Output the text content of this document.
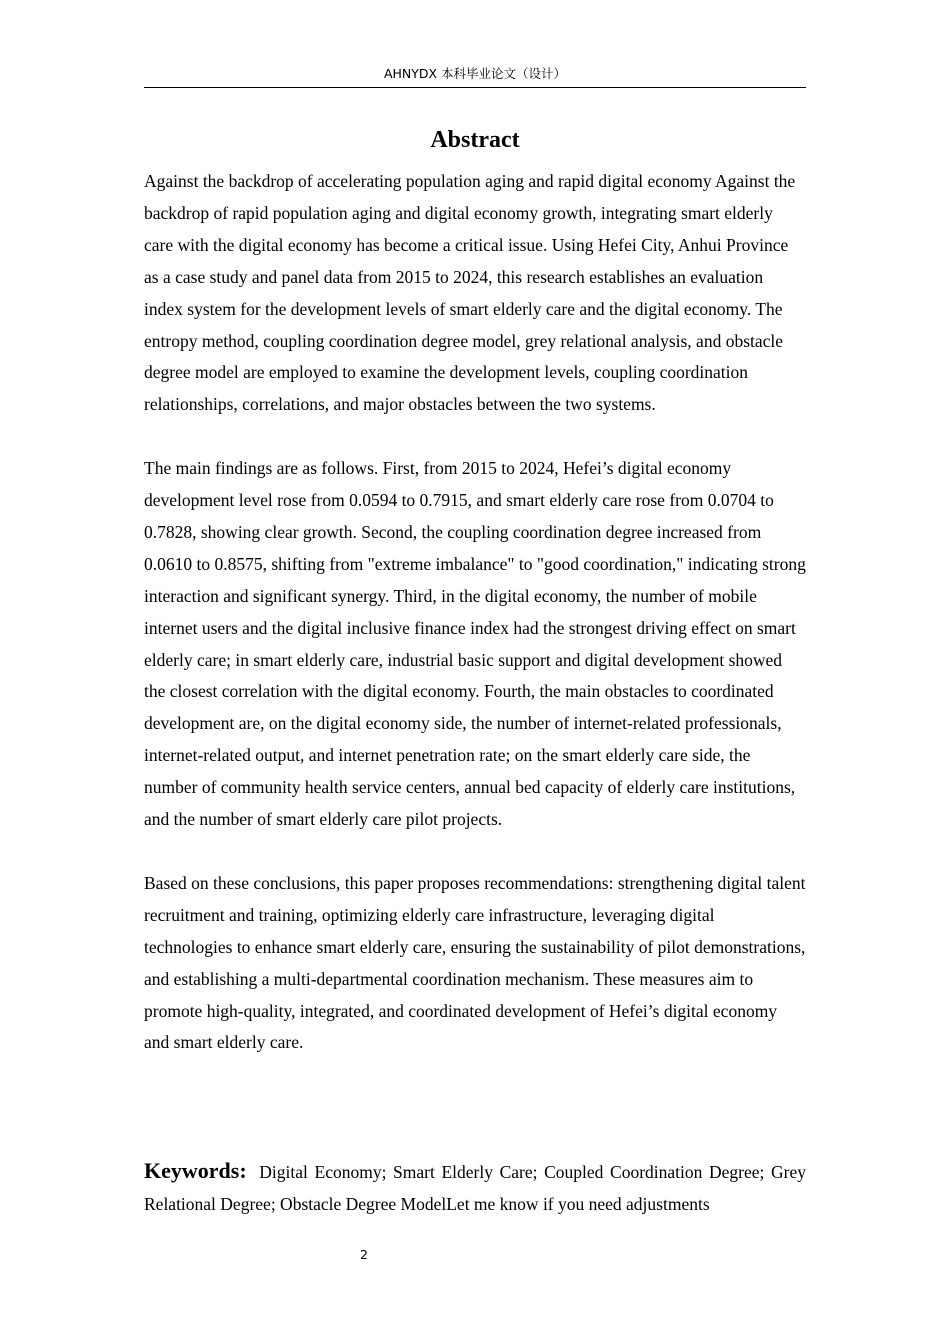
AHNYDX 本科毕业论文（设计）
Abstract

Against the backdrop of accelerating population aging and rapid digital economy Against the backdrop of rapid population aging and digital economy growth, integrating smart elderly care with the digital economy has become a critical issue. Using Hefei City, Anhui Province as a case study and panel data from 2015 to 2024, this research establishes an evaluation index system for the development levels of smart elderly care and the digital economy. The entropy method, coupling coordination degree model, grey relational analysis, and obstacle degree model are employed to examine the development levels, coupling coordination relationships, correlations, and major obstacles between the two systems.

The main findings are as follows. First, from 2015 to 2024, Hefei’s digital economy development level rose from 0.0594 to 0.7915, and smart elderly care rose from 0.0704 to 0.7828, showing clear growth. Second, the coupling coordination degree increased from 0.0610 to 0.8575, shifting from "extreme imbalance" to "good coordination," indicating strong interaction and significant synergy. Third, in the digital economy, the number of mobile internet users and the digital inclusive finance index had the strongest driving effect on smart elderly care; in smart elderly care, industrial basic support and digital development showed the closest correlation with the digital economy. Fourth, the main obstacles to coordinated development are, on the digital economy side, the number of internet-related professionals, internet-related output, and internet penetration rate; on the smart elderly care side, the number of community health service centers, annual bed capacity of elderly care institutions, and the number of smart elderly care pilot projects.

Based on these conclusions, this paper proposes recommendations: strengthening digital talent recruitment and training, optimizing elderly care infrastructure, leveraging digital technologies to enhance smart elderly care, ensuring the sustainability of pilot demonstrations, and establishing a multi-departmental coordination mechanism. These measures aim to promote high-quality, integrated, and coordinated development of Hefei’s digital economy and smart elderly care.

Keywords: Digital Economy; Smart Elderly Care; Coupled Coordination Degree; Grey Relational Degree; Obstacle Degree ModelLet me know if you need adjustments
2
